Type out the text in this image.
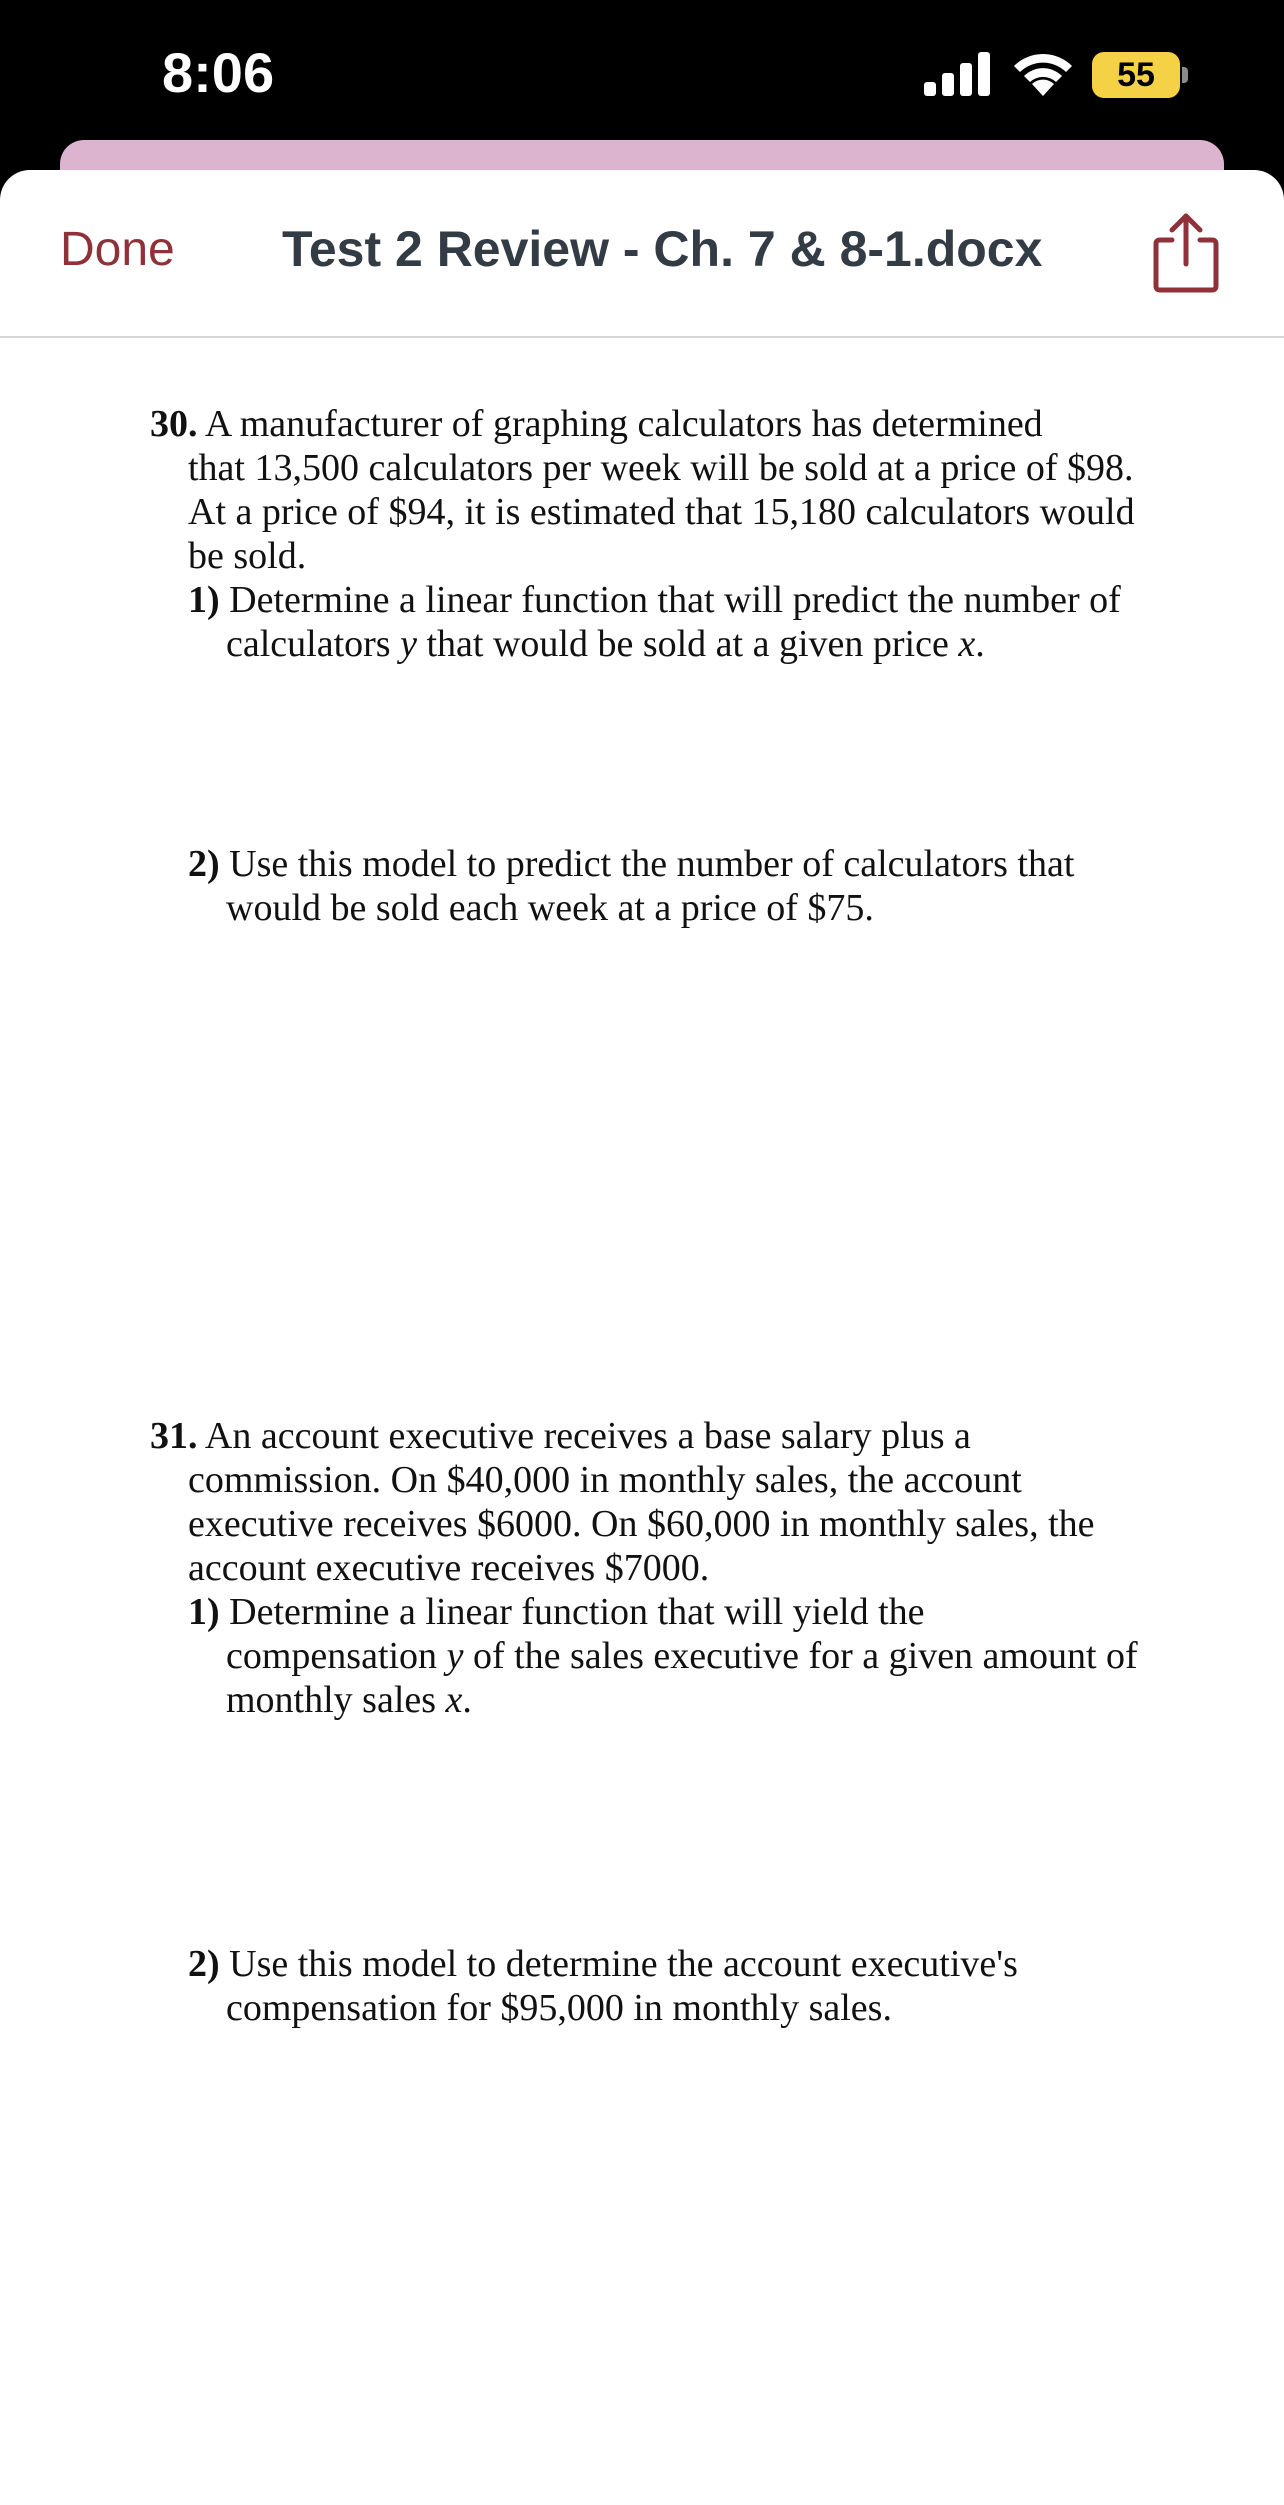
8:06	55
Done Test 2 Review - Ch. 7 & 8-1.docx
30. A manufacturer of graphing calculators has determined
that 13,500 calculators per week will be sold at a price of $98.
At a price of $94, it is estimated that 15,180 calculators would
be sold.
1) Determine a linear function that will predict the number of
calculators y that would be sold at a given price x.
2) Use this model to predict the number of calculators that
would be sold each week at a price of $75.
31. An account executive receives a base salary plus a
commission. On $40,000 in monthly sales, the account
executive receives $6000. On $60,000 in monthly sales, the
account executive receives $7000.
1) Determine a linear function that will yield the
compensation y of the sales executive for a given amount of
monthly sales x.
2) Use this model to determine the account executive's
compensation for $95,000 in monthly sales.
